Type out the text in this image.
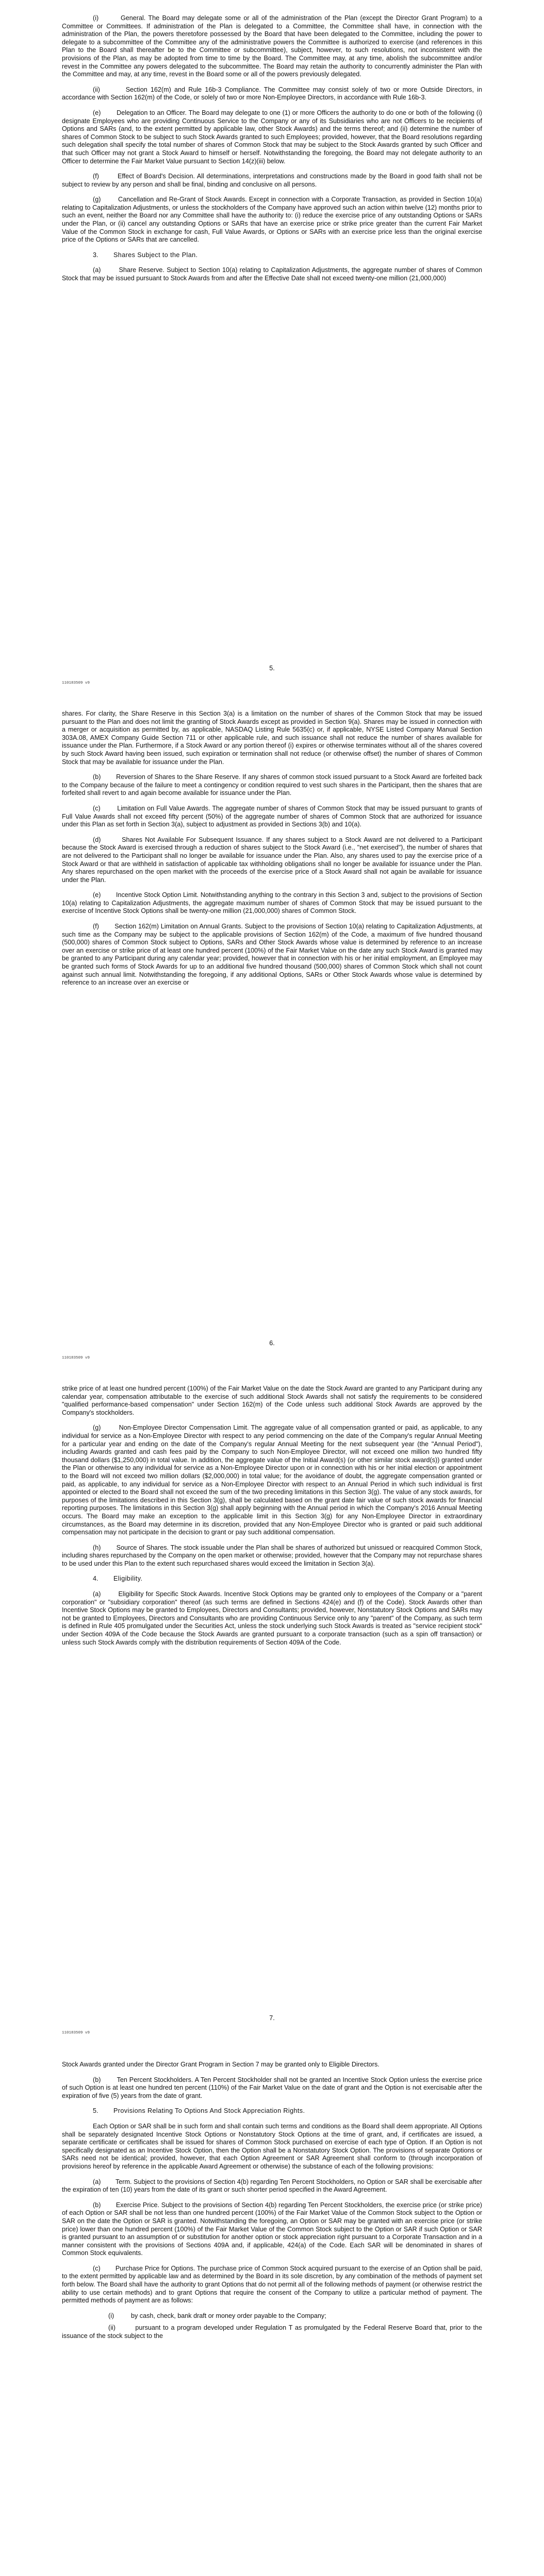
(i)	General. The Board may delegate some or all of the administration of the Plan (except the Director Grant Program) to a Committee or Committees. If administration of the Plan is delegated to a Committee, the Committee shall have, in connection with the administration of the Plan, the powers theretofore possessed by the Board that have been delegated to the Committee, including the power to delegate to a subcommittee of the Committee any of the administrative powers the Committee is authorized to exercise (and references in this Plan to the Board shall thereafter be to the Committee or subcommittee), subject, however, to such resolutions, not inconsistent with the provisions of the Plan, as may be adopted from time to time by the Board. The Committee may, at any time, abolish the subcommittee and/or revest in the Committee any powers delegated to the subcommittee. The Board may retain the authority to concurrently administer the Plan with the Committee and may, at any time, revest in the Board some or all of the powers previously delegated.

(ii)	Section 162(m) and Rule 16b-3 Compliance. The Committee may consist solely of two or more Outside Directors, in accordance with Section 162(m) of the Code, or solely of two or more Non-Employee Directors, in accordance with Rule 16b-3.

(e) Delegation to an Officer. The Board may delegate to one (1) or more Officers the authority to do one or both of the following (i) designate Employees who are providing Continuous Service to the Company or any of its Subsidiaries who are not Officers to be recipients of Options and SARs (and, to the extent permitted by applicable law, other Stock Awards) and the terms thereof; and (ii) determine the number of shares of Common Stock to be subject to such Stock Awards granted to such Employees; provided, however, that the Board resolutions regarding such delegation shall specify the total number of shares of Common Stock that may be subject to the Stock Awards granted by such Officer and that such Officer may not grant a Stock Award to himself or herself. Notwithstanding the foregoing, the Board may not delegate authority to an Officer to determine the Fair Market Value pursuant to Section 14(z)(iii) below.

(f)	Effect of Board's Decision. All determinations, interpretations and constructions made by the Board in good faith shall not be subject to review by any person and shall be final, binding and conclusive on all persons.

(g)	Cancellation and Re-Grant of Stock Awards. Except in connection with a Corporate Transaction, as provided in Section 10(a) relating to Capitalization Adjustments, or unless the stockholders of the Company have approved such an action within twelve (12) months prior to such an event, neither the Board nor any Committee shall have the authority to: (i) reduce the exercise price of any outstanding Options or SARs under the Plan, or (ii) cancel any outstanding Options or SARs that have an exercise price or strike price greater than the current Fair Market Value of the Common Stock in exchange for cash, Full Value Awards, or Options or SARs with an exercise price less than the original exercise price of the Options or SARs that are cancelled.

3. Shares Subject to the Plan.

(a)	Share Reserve. Subject to Section 10(a) relating to Capitalization Adjustments, the aggregate number of shares of Common Stock that may be issued pursuant to Stock Awards from and after the Effective Date shall not exceed twenty-one million (21,000,000)

5.
110183509 v9

shares. For clarity, the Share Reserve in this Section 3(a) is a limitation on the number of shares of the Common Stock that may be issued pursuant to the Plan and does not limit the granting of Stock Awards except as provided in Section 9(a). Shares may be issued in connection with a merger or acquisition as permitted by, as applicable, NASDAQ Listing Rule 5635(c) or, if applicable, NYSE Listed Company Manual Section 303A.08, AMEX Company Guide Section 711 or other applicable rule, and such issuance shall not reduce the number of shares available for issuance under the Plan. Furthermore, if a Stock Award or any portion thereof (i) expires or otherwise terminates without all of the shares covered by such Stock Award having been issued, such expiration or termination shall not reduce (or otherwise offset) the number of shares of Common Stock that may be available for issuance under the Plan.

(b) Reversion of Shares to the Share Reserve. If any shares of common stock issued pursuant to a Stock Award are forfeited back to the Company because of the failure to meet a contingency or condition required to vest such shares in the Participant, then the shares that are forfeited shall revert to and again become available for issuance under the Plan.

(c)	Limitation on Full Value Awards. The aggregate number of shares of Common Stock that may be issued pursuant to grants of Full Value Awards shall not exceed fifty percent (50%) of the aggregate number of shares of Common Stock that are authorized for issuance under this Plan as set forth in Section 3(a), subject to adjustment as provided in Sections 3(b) and 10(a).

(d)	Shares Not Available For Subsequent Issuance. If any shares subject to a Stock Award are not delivered to a Participant because the Stock Award is exercised through a reduction of shares subject to the Stock Award (i.e., "net exercised"), the number of shares that are not delivered to the Participant shall no longer be available for issuance under the Plan. Also, any shares used to pay the exercise price of a Stock Award or that are withheld in satisfaction of applicable tax withholding obligations shall no longer be available for issuance under the Plan. Any shares repurchased on the open market with the proceeds of the exercise price of a Stock Award shall not again be available for issuance under the Plan.

(e) Incentive Stock Option Limit. Notwithstanding anything to the contrary in this Section 3 and, subject to the provisions of Section 10(a) relating to Capitalization Adjustments, the aggregate maximum number of shares of Common Stock that may be issued pursuant to the exercise of Incentive Stock Options shall be twenty-one million (21,000,000) shares of Common Stock.

(f) Section 162(m) Limitation on Annual Grants. Subject to the provisions of Section 10(a) relating to Capitalization Adjustments, at such time as the Company may be subject to the applicable provisions of Section 162(m) of the Code, a maximum of five hundred thousand (500,000) shares of Common Stock subject to Options, SARs and Other Stock Awards whose value is determined by reference to an increase over an exercise or strike price of at least one hundred percent (100%) of the Fair Market Value on the date any such Stock Award is granted may be granted to any Participant during any calendar year; provided, however that in connection with his or her initial employment, an Employee may be granted such forms of Stock Awards for up to an additional five hundred thousand (500,000) shares of Common Stock which shall not count against such annual limit. Notwithstanding the foregoing, if any additional Options, SARs or Other Stock Awards whose value is determined by reference to an increase over an exercise or

6.
110183509 v9

strike price of at least one hundred percent (100%) of the Fair Market Value on the date the Stock Award are granted to any Participant during any calendar year, compensation attributable to the exercise of such additional Stock Awards shall not satisfy the requirements to be considered "qualified performance-based compensation" under Section 162(m) of the Code unless such additional Stock Awards are approved by the Company's stockholders.

(g)	Non-Employee Director Compensation Limit. The aggregate value of all compensation granted or paid, as applicable, to any individual for service as a Non-Employee Director with respect to any period commencing on the date of the Company's regular Annual Meeting for a particular year and ending on the date of the Company's regular Annual Meeting for the next subsequent year (the "Annual Period"), including Awards granted and cash fees paid by the Company to such Non-Employee Director, will not exceed one million two hundred fifty thousand dollars ($1,250,000) in total value. In addition, the aggregate value of the Initial Award(s) (or other similar stock award(s)) granted under the Plan or otherwise to any individual for service as a Non-Employee Director upon or in connection with his or her initial election or appointment to the Board will not exceed two million dollars ($2,000,000) in total value; for the avoidance of doubt, the aggregate compensation granted or paid, as applicable, to any individual for service as a Non-Employee Director with respect to an Annual Period in which such individual is first appointed or elected to the Board shall not exceed the sum of the two preceding limitations in this Section 3(g). The value of any stock awards, for purposes of the limitations described in this Section 3(g), shall be calculated based on the grant date fair value of such stock awards for financial reporting purposes. The limitations in this Section 3(g) shall apply beginning with the Annual period in which the Company's 2016 Annual Meeting occurs. The Board may make an exception to the applicable limit in this Section 3(g) for any Non-Employee Director in extraordinary circumstances, as the Board may determine in its discretion, provided that any Non-Employee Director who is granted or paid such additional compensation may not participate in the decision to grant or pay such additional compensation.

(h) Source of Shares. The stock issuable under the Plan shall be shares of authorized but unissued or reacquired Common Stock, including shares repurchased by the Company on the open market or otherwise; provided, however that the Company may not repurchase shares to be used under this Plan to the extent such repurchased shares would exceed the limitation in Section 3(a).

4. Eligibility.

(a)	Eligibility for Specific Stock Awards. Incentive Stock Options may be granted only to employees of the Company or a "parent corporation" or "subsidiary corporation" thereof (as such terms are defined in Sections 424(e) and (f) of the Code). Stock Awards other than Incentive Stock Options may be granted to Employees, Directors and Consultants; provided, however, Nonstatutory Stock Options and SARs may not be granted to Employees, Directors and Consultants who are providing Continuous Service only to any "parent" of the Company, as such term is defined in Rule 405 promulgated under the Securities Act, unless the stock underlying such Stock Awards is treated as "service recipient stock" under Section 409A of the Code because the Stock Awards are granted pursuant to a corporate transaction (such as a spin off transaction) or unless such Stock Awards comply with the distribution requirements of Section 409A of the Code.

7.
110183509 v9

Stock Awards granted under the Director Grant Program in Section 7 may be granted only to Eligible Directors.

(b) Ten Percent Stockholders. A Ten Percent Stockholder shall not be granted an Incentive Stock Option unless the exercise price of such Option is at least one hundred ten percent (110%) of the Fair Market Value on the date of grant and the Option is not exercisable after the expiration of five (5) years from the date of grant.

5. Provisions Relating To Options And Stock Appreciation Rights.

Each Option or SAR shall be in such form and shall contain such terms and conditions as the Board shall deem appropriate. All Options shall be separately designated Incentive Stock Options or Nonstatutory Stock Options at the time of grant, and, if certificates are issued, a separate certificate or certificates shall be issued for shares of Common Stock purchased on exercise of each type of Option. If an Option is not specifically designated as an Incentive Stock Option, then the Option shall be a Nonstatutory Stock Option. The provisions of separate Options or SARs need not be identical; provided, however, that each Option Agreement or SAR Agreement shall conform to (through incorporation of provisions hereof by reference in the applicable Award Agreement or otherwise) the substance of each of the following provisions:

(a) Term. Subject to the provisions of Section 4(b) regarding Ten Percent Stockholders, no Option or SAR shall be exercisable after the expiration of ten (10) years from the date of its grant or such shorter period specified in the Award Agreement.

(b) Exercise Price. Subject to the provisions of Section 4(b) regarding Ten Percent Stockholders, the exercise price (or strike price) of each Option or SAR shall be not less than one hundred percent (100%) of the Fair Market Value of the Common Stock subject to the Option or SAR on the date the Option or SAR is granted. Notwithstanding the foregoing, an Option or SAR may be granted with an exercise price (or strike price) lower than one hundred percent (100%) of the Fair Market Value of the Common Stock subject to the Option or SAR if such Option or SAR is granted pursuant to an assumption of or substitution for another option or stock appreciation right pursuant to a Corporate Transaction and in a manner consistent with the provisions of Sections 409A and, if applicable, 424(a) of the Code. Each SAR will be denominated in shares of Common Stock equivalents.

(c) Purchase Price for Options. The purchase price of Common Stock acquired pursuant to the exercise of an Option shall be paid, to the extent permitted by applicable law and as determined by the Board in its sole discretion, by any combination of the methods of payment set forth below. The Board shall have the authority to grant Options that do not permit all of the following methods of payment (or otherwise restrict the ability to use certain methods) and to grant Options that require the consent of the Company to utilize a particular method of payment. The permitted methods of payment are as follows:

(i)	by cash, check, bank draft or money order payable to the Company;

(ii)	pursuant to a program developed under Regulation T as promulgated by the Federal Reserve Board that, prior to the issuance of the stock subject to the
